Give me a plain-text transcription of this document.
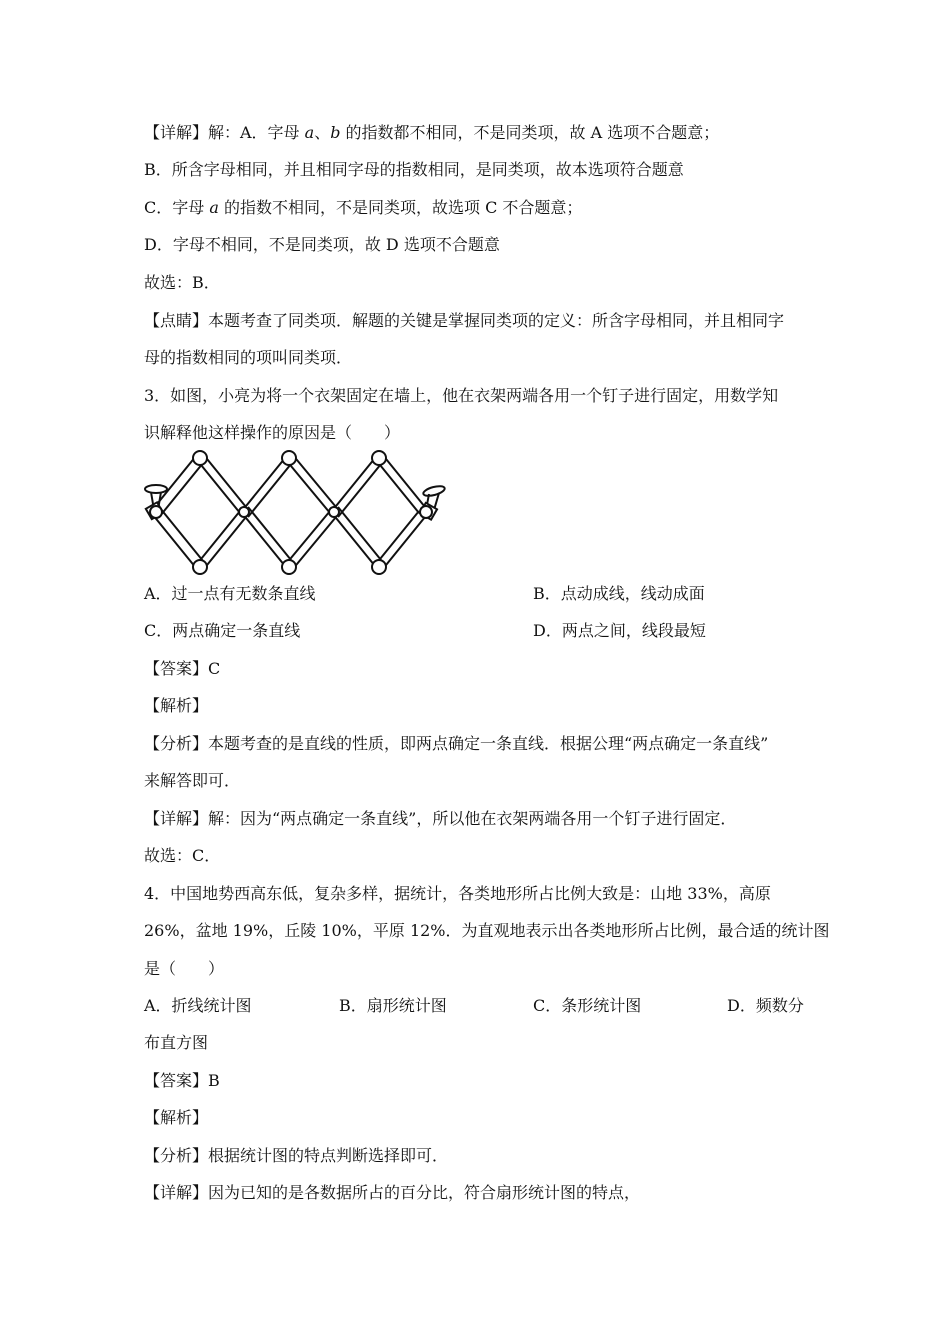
【详解】解：A．字母 a、b 的指数都不相同，不是同类项，故 A 选项不合题意；
B．所含字母相同，并且相同字母的指数相同，是同类项，故本选项符合题意
C．字母 a 的指数不相同，不是同类项，故选项 C 不合题意；
D．字母不相同，不是同类项，故 D 选项不合题意
故选：B．
【点睛】本题考查了同类项．解题的关键是掌握同类项的定义：所含字母相同，并且相同字
母的指数相同的项叫同类项．
3．如图，小亮为将一个衣架固定在墙上，他在衣架两端各用一个钉子进行固定，用数学知
识解释他这样操作的原因是（　　）
A．过一点有无数条直线	B．点动成线，线动成面
C．两点确定一条直线	D．两点之间，线段最短
【答案】C
【解析】
【分析】本题考查的是直线的性质，即两点确定一条直线．根据公理“两点确定一条直线”
来解答即可．
【详解】解：因为“两点确定一条直线”，所以他在衣架两端各用一个钉子进行固定．
故选：C．
4．中国地势西高东低，复杂多样，据统计，各类地形所占比例大致是：山地 33%，高原
26%，盆地 19%，丘陵 10%，平原 12%．为直观地表示出各类地形所占比例，最合适的统计图
是（　　）
A．折线统计图	B．扇形统计图	C．条形统计图	D．频数分
布直方图
【答案】B
【解析】
【分析】根据统计图的特点判断选择即可．
【详解】因为已知的是各数据所占的百分比，符合扇形统计图的特点，
